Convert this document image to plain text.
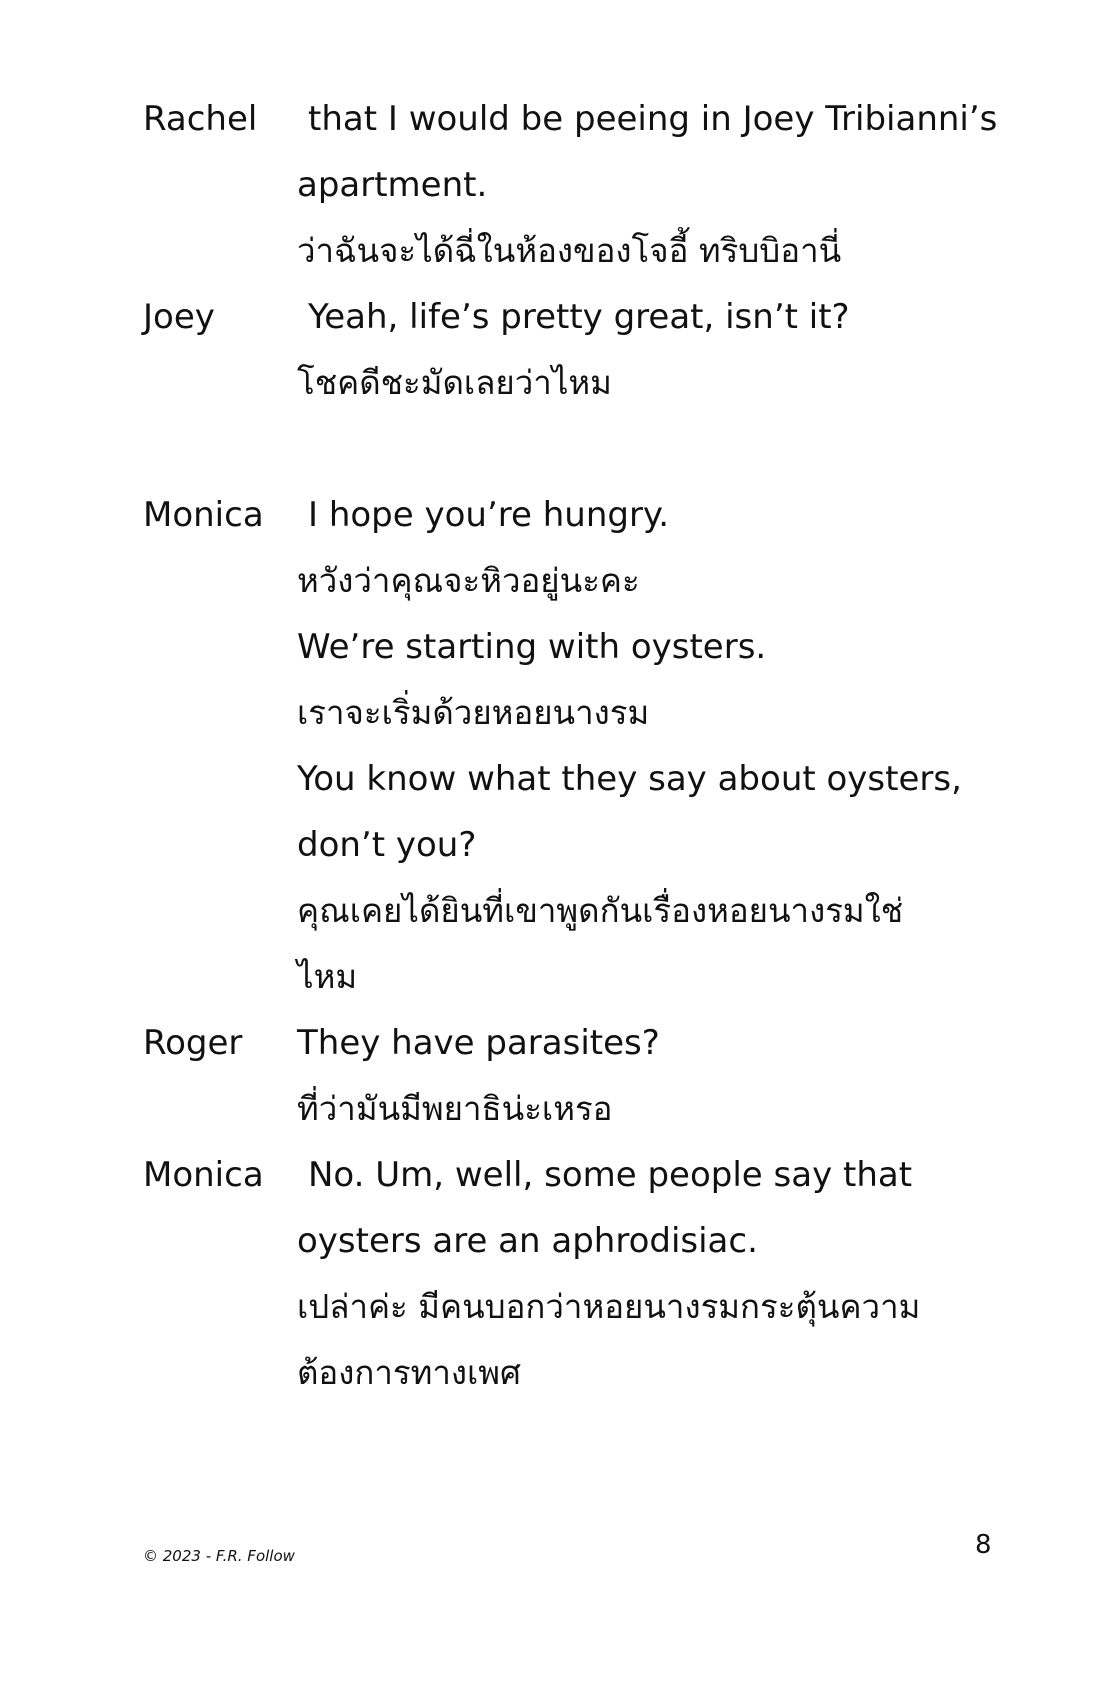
Rachel	that I would be peeing in Joey Tribianni’s
apartment.
ว่าฉันจะได้ฉี่ในห้องของโจอี้ ทริบบิอานี่
Joey	Yeah, life’s pretty great, isn’t it?
โชคดีชะมัดเลยว่าไหม
Monica	I hope you’re hungry.
หวังว่าคุณจะหิวอยู่นะคะ
We’re starting with oysters.
เราจะเริ่มด้วยหอยนางรม
You know what they say about oysters,
don’t you?
คุณเคยได้ยินที่เขาพูดกันเรื่องหอยนางรมใช่
ไหม
Roger They have parasites?
ที่ว่ามันมีพยาธิน่ะเหรอ
Monica	No. Um, well, some people say that
oysters are an aphrodisiac.
เปล่าค่ะ มีคนบอกว่าหอยนางรมกระตุ้นความ
ต้องการทางเพศ
© 2023 - F.R. Follow	8
